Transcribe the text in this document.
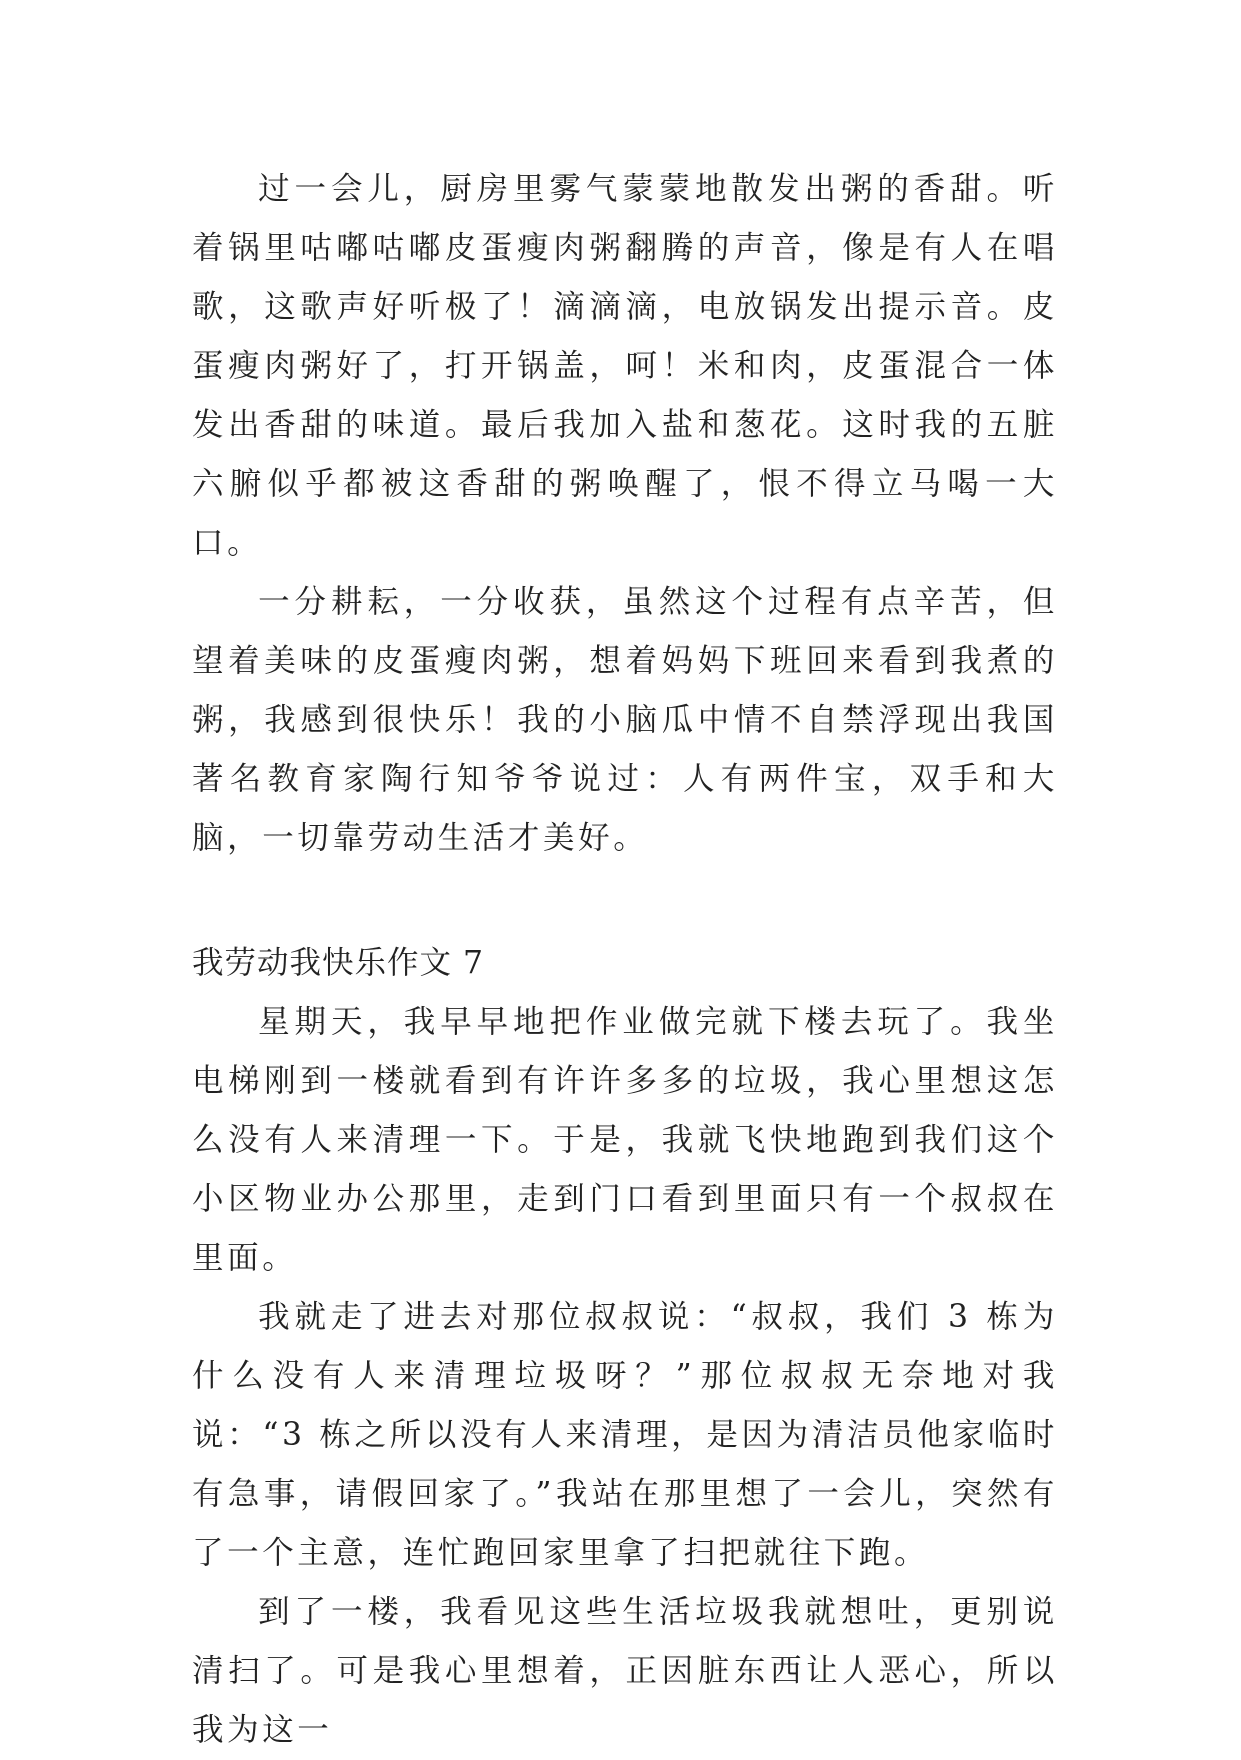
过一会儿，厨房里雾气蒙蒙地散发出粥的香甜。听着锅里咕嘟咕嘟皮蛋瘦肉粥翻腾的声音，像是有人在唱歌，这歌声好听极了！滴滴滴，电放锅发出提示音。皮蛋瘦肉粥好了，打开锅盖，呵！米和肉，皮蛋混合一体发出香甜的味道。最后我加入盐和葱花。这时我的五脏六腑似乎都被这香甜的粥唤醒了，恨不得立马喝一大口。

一分耕耘，一分收获，虽然这个过程有点辛苦，但望着美味的皮蛋瘦肉粥，想着妈妈下班回来看到我煮的粥，我感到很快乐！我的小脑瓜中情不自禁浮现出我国著名教育家陶行知爷爷说过：人有两件宝，双手和大脑，一切靠劳动生活才美好。

我劳动我快乐作文 7

星期天，我早早地把作业做完就下楼去玩了。我坐电梯刚到一楼就看到有许许多多的垃圾，我心里想这怎么没有人来清理一下。于是，我就飞快地跑到我们这个小区物业办公那里，走到门口看到里面只有一个叔叔在里面。

我就走了进去对那位叔叔说：“叔叔，我们 3 栋为什么没有人来清理垃圾呀？”那位叔叔无奈地对我说：“3 栋之所以没有人来清理，是因为清洁员他家临时有急事，请假回家了。”我站在那里想了一会儿，突然有了一个主意，连忙跑回家里拿了扫把就往下跑。

到了一楼，我看见这些生活垃圾我就想吐，更别说清扫了。可是我心里想着，正因脏东西让人恶心，所以我为这一
